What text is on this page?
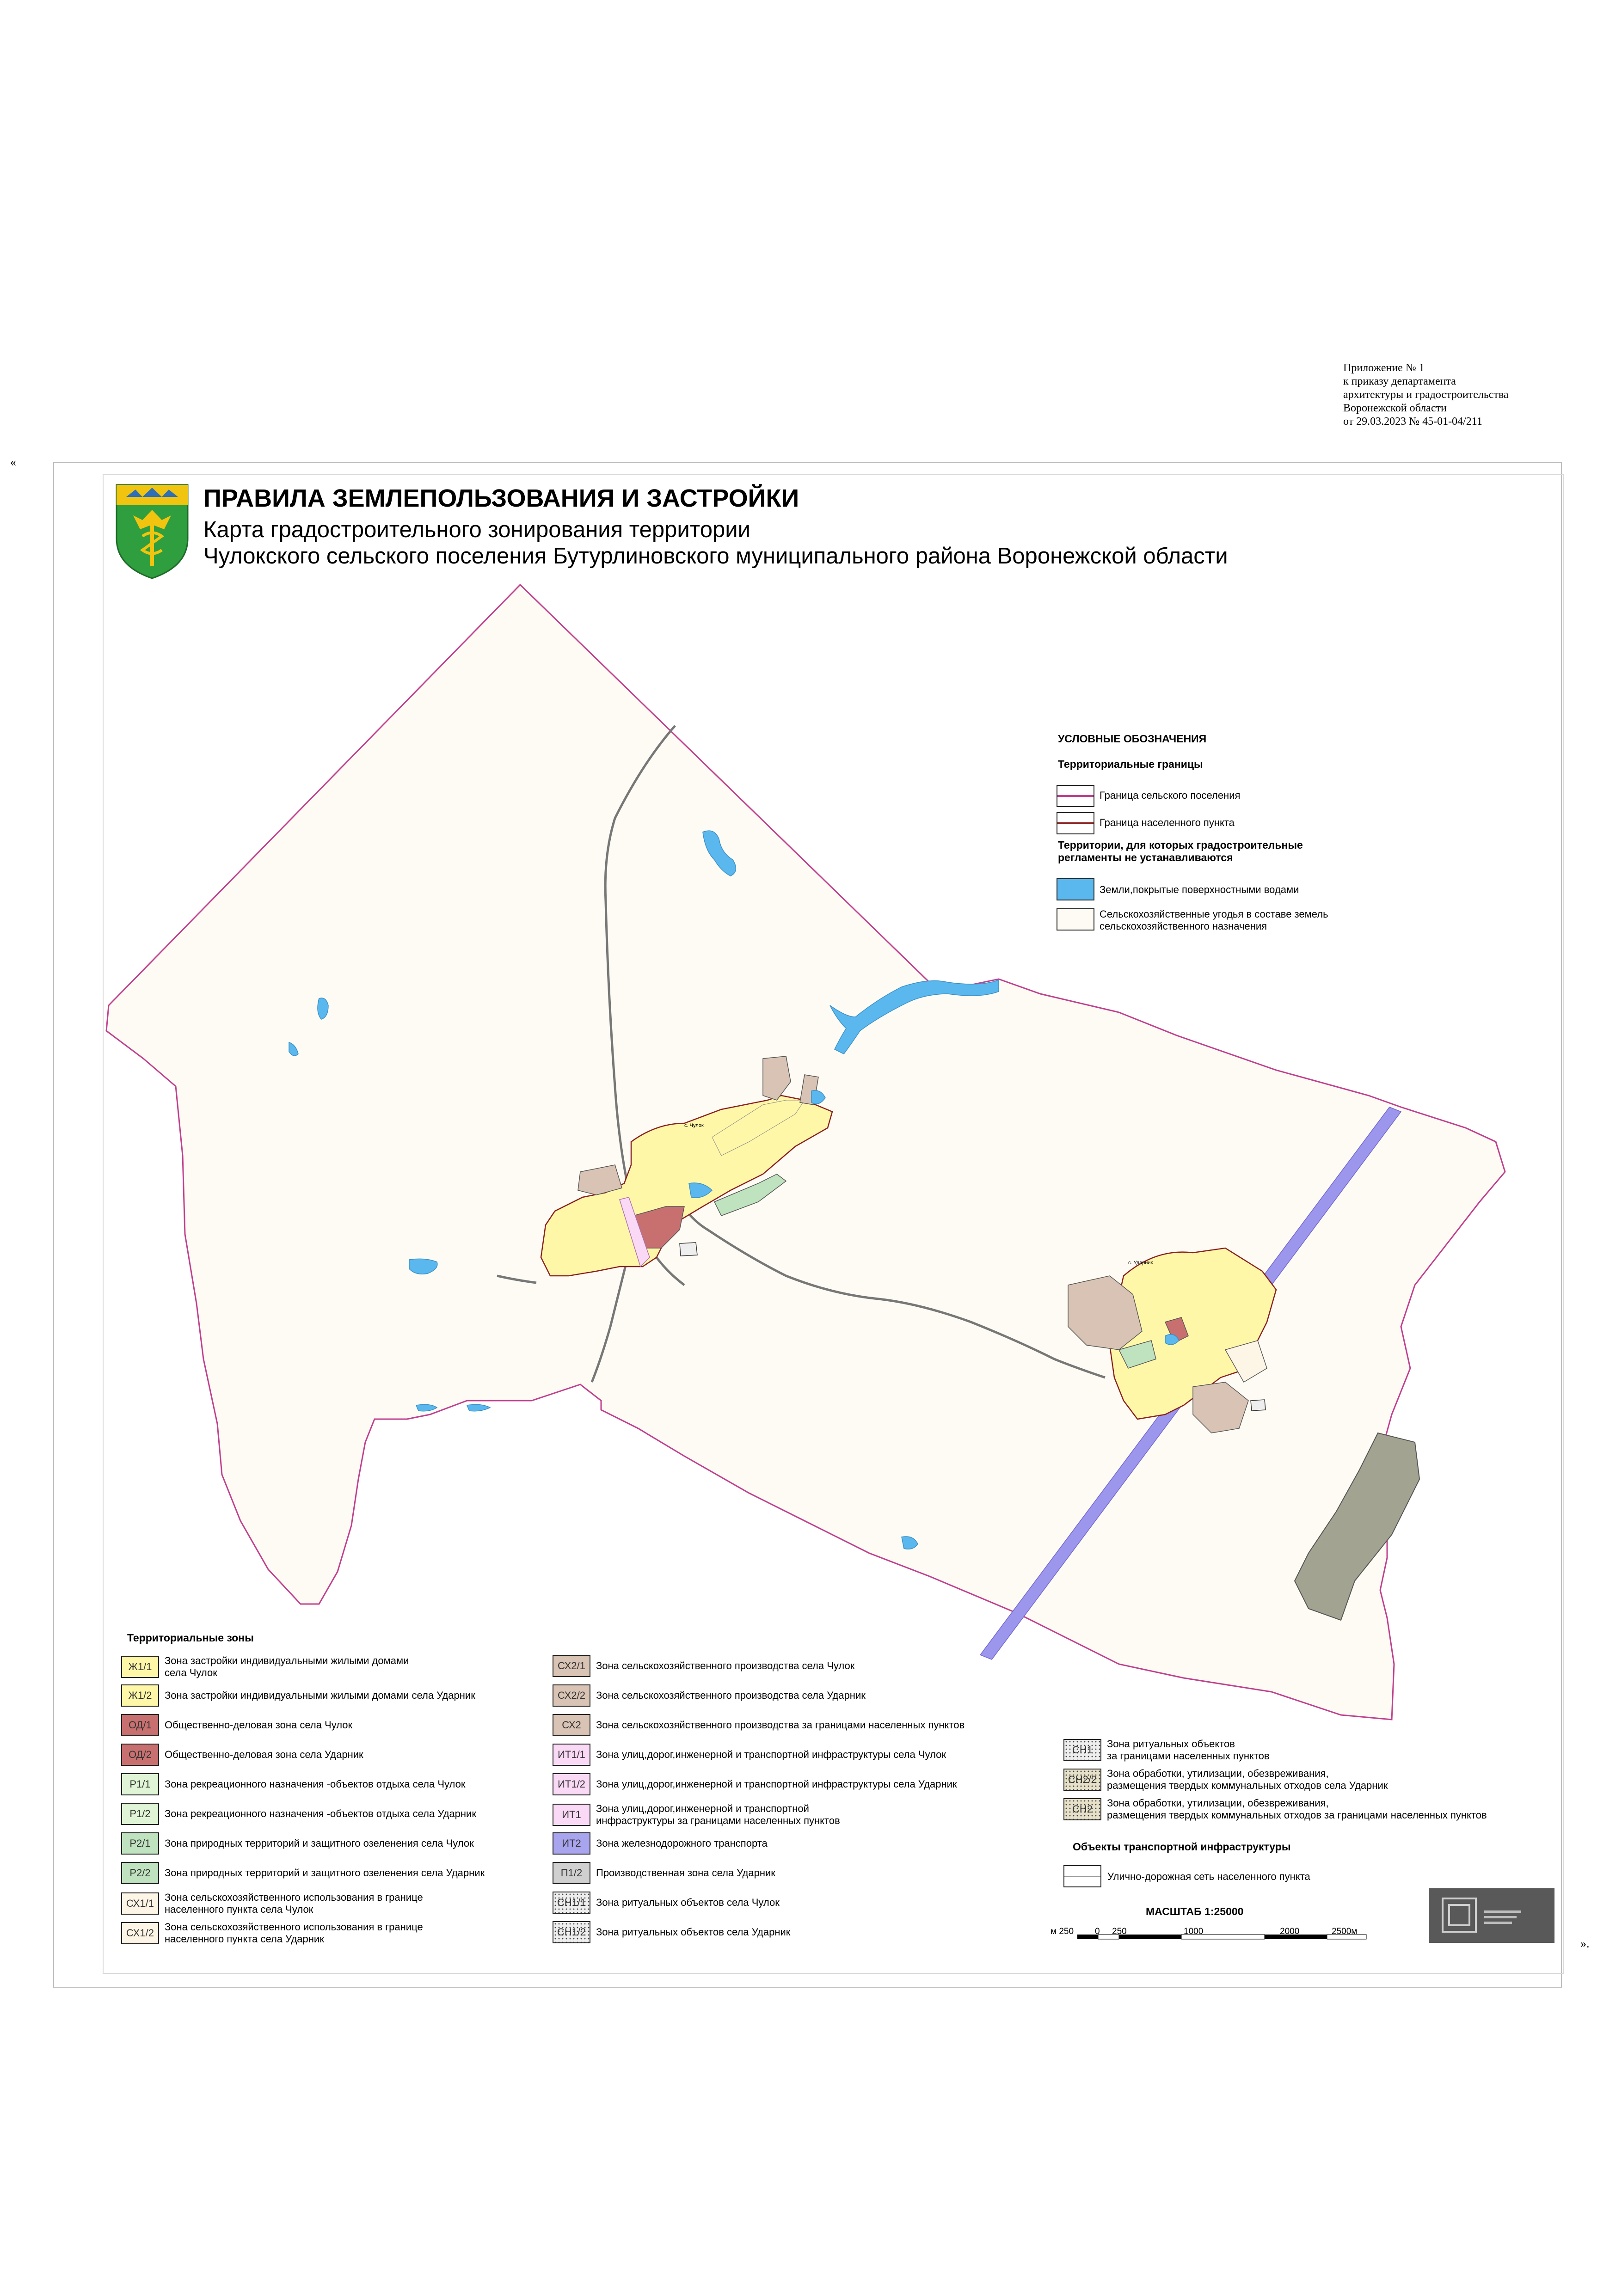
Приложение № 1
к приказу департамента
архитектуры и градостроительства
Воронежской области
от 29.03.2023 № 45-01-04/211
«
».
ПРАВИЛА ЗЕМЛЕПОЛЬЗОВАНИЯ И ЗАСТРОЙКИ
Карта градостроительного зонирования территории
Чулокского сельского поселения Бутурлиновского муниципального района Воронежской области
с. Чулок
с. Ударник
УСЛОВНЫЕ ОБОЗНАЧЕНИЯ
Территориальные границы
Граница сельского поселения
Граница населенного пункта
Территории, для которых градостроительные
регламенты не устанавливаются
Земли,покрытые поверхностными водами
Сельскохозяйственные угодья в составе земель
сельскохозяйственного назначения
Территориальные зоны
Ж1/1
Зона застройки индивидуальными жилыми домами
села Чулок
Ж1/2	Зона застройки индивидуальными жилыми домами села Ударник
ОД/1	Общественно-деловая зона села Чулок
ОД/2	Общественно-деловая зона села Ударник
Р1/1	Зона рекреационного назначения -объектов отдыха села Чулок
Р1/2	Зона рекреационного назначения -объектов отдыха села Ударник
Р2/1	Зона природных территорий и защитного озеленения села Чулок
Р2/2	Зона природных территорий и защитного озеленения села Ударник
СХ1/1
Зона сельскохозяйственного использования в границе
населенного пункта села Чулок
СХ1/2
Зона сельскохозяйственного использования в границе
населенного пункта села Ударник
СХ2/1	Зона сельскохозяйственного производства села Чулок
СХ2/2	Зона сельскохозяйственного производства села Ударник
СХ2	Зона сельскохозяйственного производства за границами населенных пунктов
ИТ1/1	Зона улиц,дорог,инженерной и транспортной инфраструктуры села Чулок
ИТ1/2	Зона улиц,дорог,инженерной и транспортной инфраструктуры села Ударник
ИТ1
Зона улиц,дорог,инженерной и транспортной
инфраструктуры за границами населенных пунктов
ИТ2	Зона железнодорожного транспорта
П1/2	Производственная зона села Ударник
СН1/1 Зона ритуальных объектов села Чулок
СН1/2 Зона ритуальных объектов села Ударник
СН1
Зона ритуальных объектов
за границами населенных пунктов
СН2/2
Зона обработки, утилизации, обезвреживания,
размещения твердых коммунальных отходов села Ударник
СН2
Зона обработки, утилизации, обезвреживания,
размещения твердых коммунальных отходов за границами населенных пунктов
Объекты транспортной инфраструктуры
Улично-дорожная сеть населенного пункта
МАСШТАБ 1:25000
м 250 0 250	1000	2000	2500м
